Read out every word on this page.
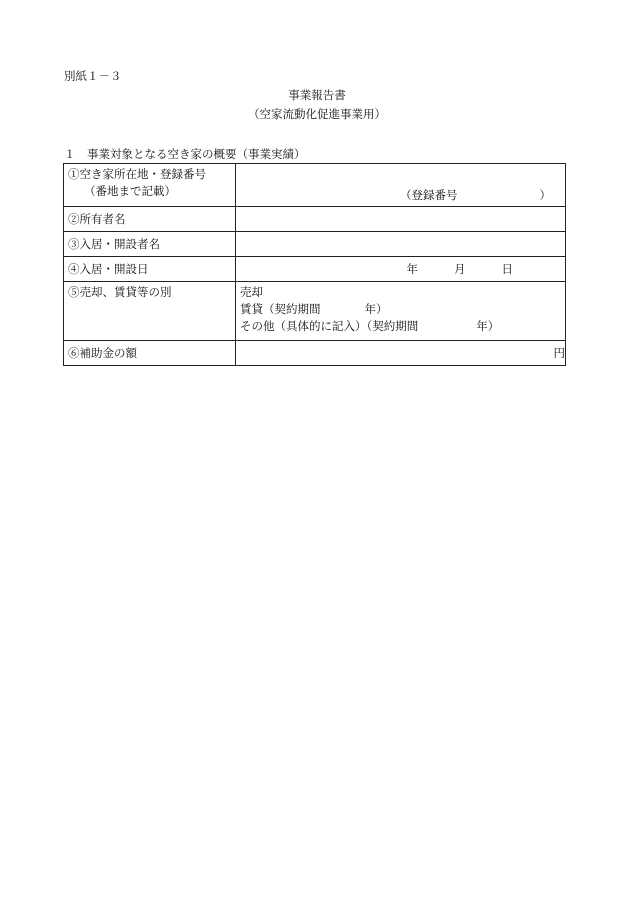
別紙１－３
事業報告書
（空家流動化促進事業用）
１　事業対象となる空き家の概要（事業実績）
①空き家所在地・登録番号

（番地まで記載）	（登録番号 ）

②所有者名	
③入居・開設者名	
④入居・開設日	年 月 日

⑤売却、賃貸等の別	売却
賃貸（契約期間 年）
その他（具体的に記入）（契約期間 年）

⑥補助金の額	円
